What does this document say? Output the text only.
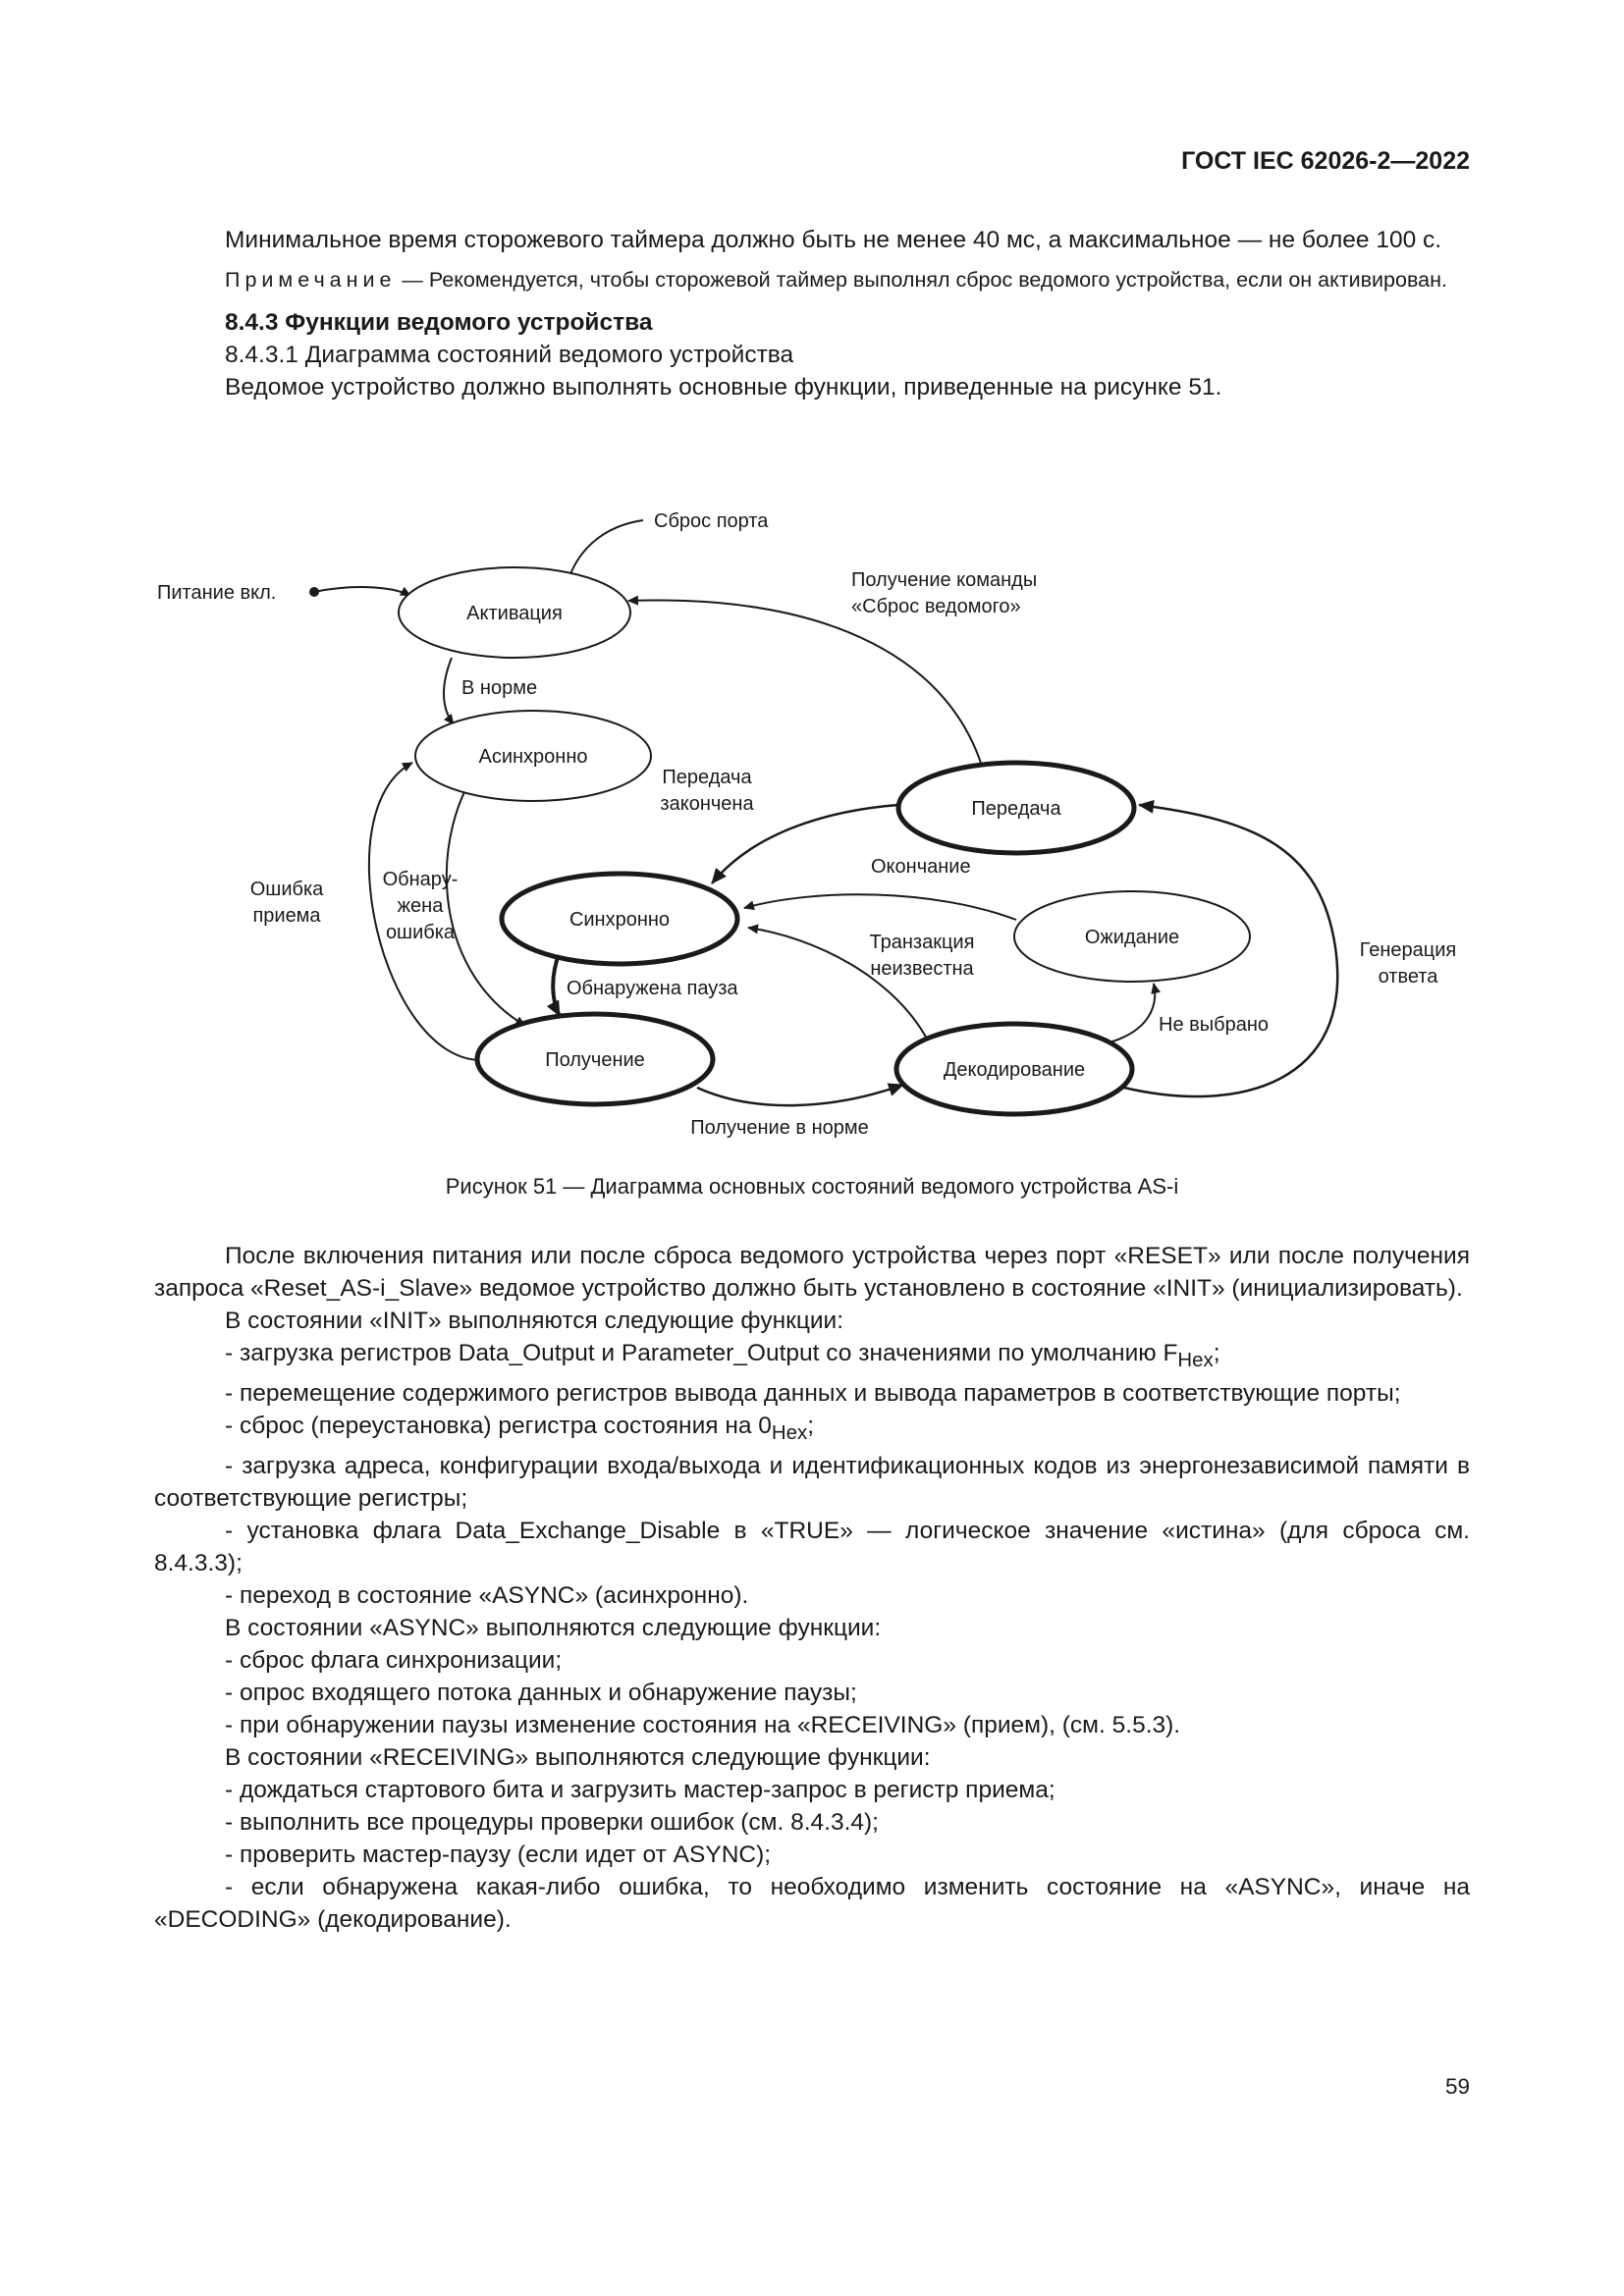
ГОСТ IEC 62026-2—2022

Минимальное время сторожевого таймера должно быть не менее 40 мс, а максимальное — не более 100 с.

Примечание — Рекомендуется, чтобы сторожевой таймер выполнял сброс ведомого устройства, если он активирован.

8.4.3 Функции ведомого устройства

8.4.3.1 Диаграмма состояний ведомого устройства

Ведомое устройство должно выполнять основные функции, приведенные на рисунке 51.

Активация
Асинхронно
Синхронно
Получение
Передача
Ожидание
Декодирование
Сброс порта
Питание вкл.
Получение команды
«Сброс ведомого»
В норме
Передача
закончена
Ошибка
приема
Обнару-
жена
ошибка
Окончание
Транзакция
неизвестна
Обнаружена пауза
Генерация
ответа
Не выбрано
Получение в норме
Рисунок 51 — Диаграмма основных состояний ведомого устройства AS-i

После включения питания или после сброса ведомого устройства через порт «RESET» или после получения запроса «Reset_AS-i_Slave» ведомое устройство должно быть установлено в состояние «INIT» (инициализировать).

В состоянии «INIT» выполняются следующие функции:

- загрузка регистров Data_Output и Parameter_Output со значениями по умолчанию $F_{Hex}$;

- перемещение содержимого регистров вывода данных и вывода параметров в соответствующие порты;

- сброс (переустановка) регистра состояния на $0_{Hex}$;

- загрузка адреса, конфигурации входа/выхода и идентификационных кодов из энергонезависимой памяти в соответствующие регистры;

- установка флага Data_Exchange_Disable в «TRUE» — логическое значение «истина» (для сброса см. 8.4.3.3);

- переход в состояние «ASYNC» (асинхронно).

В состоянии «ASYNC» выполняются следующие функции:

- сброс флага синхронизации;

- опрос входящего потока данных и обнаружение паузы;

- при обнаружении паузы изменение состояния на «RECEIVING» (прием), (см. 5.5.3).

В состоянии «RECEIVING» выполняются следующие функции:

- дождаться стартового бита и загрузить мастер-запрос в регистр приема;

- выполнить все процедуры проверки ошибок (см. 8.4.3.4);

- проверить мастер-паузу (если идет от ASYNC);

- если обнаружена какая-либо ошибка, то необходимо изменить состояние на «ASYNC», иначе на «DECODING» (декодирование).

59
